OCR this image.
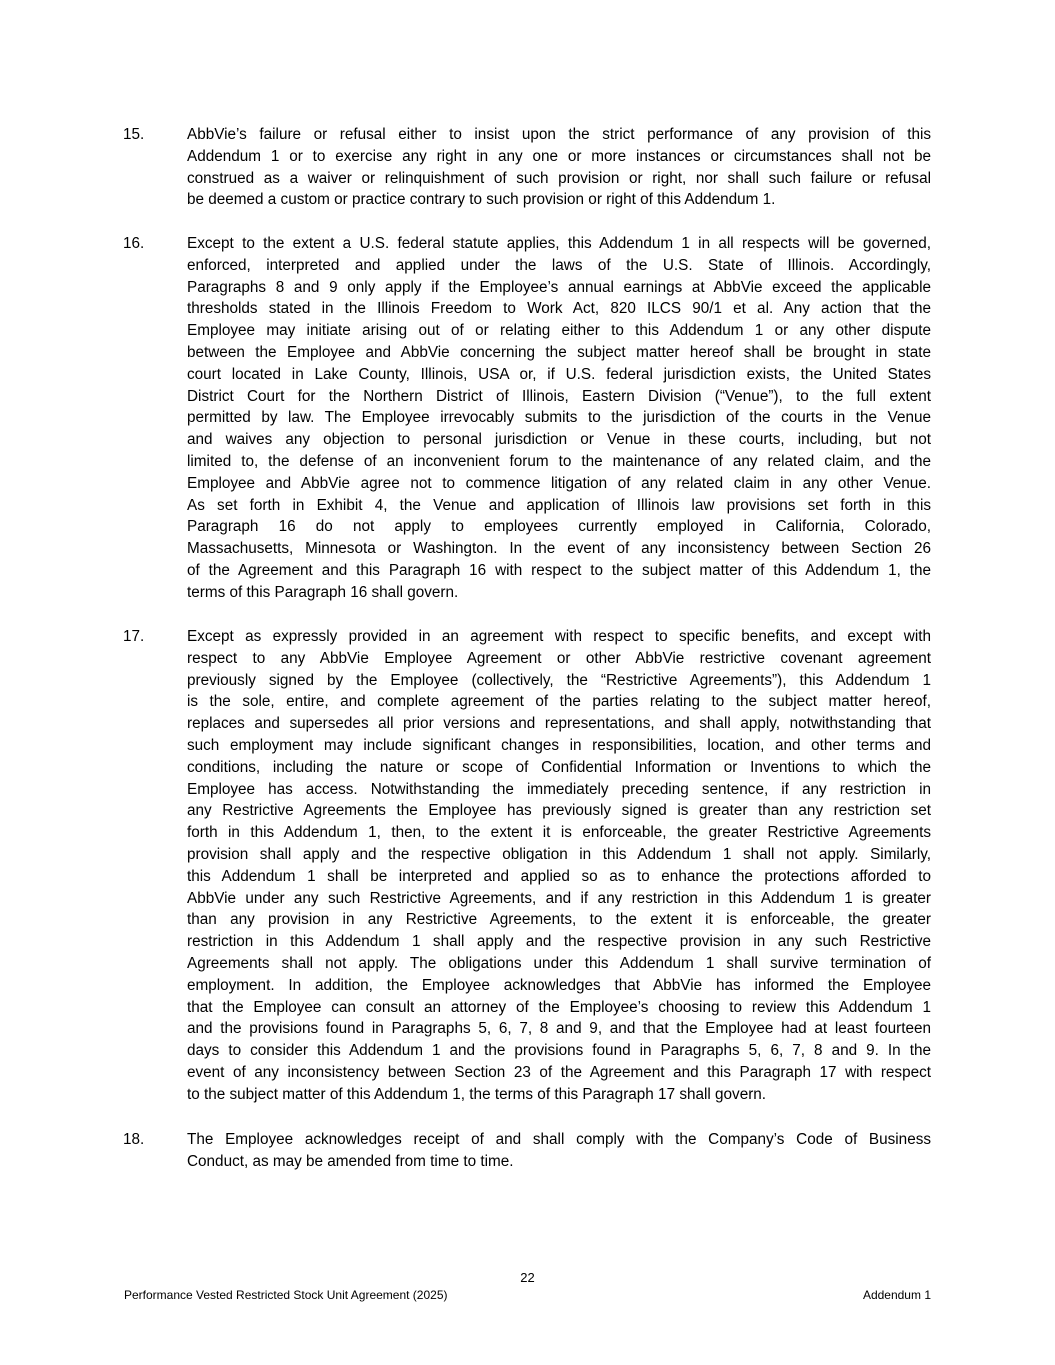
15.	AbbVie’s failure or refusal either to insist upon the strict performance of any provision of this
Addendum 1 or to exercise any right in any one or more instances or circumstances shall not be
construed as a waiver or relinquishment of such provision or right, nor shall such failure or refusal
be deemed a custom or practice contrary to such provision or right of this Addendum 1.
16.	Except to the extent a U.S. federal statute applies, this Addendum 1 in all respects will be governed,
enforced, interpreted and applied under the laws of the U.S. State of Illinois. Accordingly,
Paragraphs 8 and 9 only apply if the Employee’s annual earnings at AbbVie exceed the applicable
thresholds stated in the Illinois Freedom to Work Act, 820 ILCS 90/1 et al. Any action that the
Employee may initiate arising out of or relating either to this Addendum 1 or any other dispute
between the Employee and AbbVie concerning the subject matter hereof shall be brought in state
court located in Lake County, Illinois, USA or, if U.S. federal jurisdiction exists, the United States
District Court for the Northern District of Illinois, Eastern Division (“Venue”), to the full extent
permitted by law. The Employee irrevocably submits to the jurisdiction of the courts in the Venue
and waives any objection to personal jurisdiction or Venue in these courts, including, but not
limited to, the defense of an inconvenient forum to the maintenance of any related claim, and the
Employee and AbbVie agree not to commence litigation of any related claim in any other Venue.
As set forth in Exhibit 4, the Venue and application of Illinois law provisions set forth in this
Paragraph 16 do not apply to employees currently employed in California, Colorado,
Massachusetts, Minnesota or Washington. In the event of any inconsistency between Section 26
of the Agreement and this Paragraph 16 with respect to the subject matter of this Addendum 1, the
terms of this Paragraph 16 shall govern.
17.	Except as expressly provided in an agreement with respect to specific benefits, and except with
respect to any AbbVie Employee Agreement or other AbbVie restrictive covenant agreement
previously signed by the Employee (collectively, the “Restrictive Agreements”), this Addendum 1
is the sole, entire, and complete agreement of the parties relating to the subject matter hereof,
replaces and supersedes all prior versions and representations, and shall apply, notwithstanding that
such employment may include significant changes in responsibilities, location, and other terms and
conditions, including the nature or scope of Confidential Information or Inventions to which the
Employee has access. Notwithstanding the immediately preceding sentence, if any restriction in
any Restrictive Agreements the Employee has previously signed is greater than any restriction set
forth in this Addendum 1, then, to the extent it is enforceable, the greater Restrictive Agreements
provision shall apply and the respective obligation in this Addendum 1 shall not apply. Similarly,
this Addendum 1 shall be interpreted and applied so as to enhance the protections afforded to
AbbVie under any such Restrictive Agreements, and if any restriction in this Addendum 1 is greater
than any provision in any Restrictive Agreements, to the extent it is enforceable, the greater
restriction in this Addendum 1 shall apply and the respective provision in any such Restrictive
Agreements shall not apply. The obligations under this Addendum 1 shall survive termination of
employment. In addition, the Employee acknowledges that AbbVie has informed the Employee
that the Employee can consult an attorney of the Employee’s choosing to review this Addendum 1
and the provisions found in Paragraphs 5, 6, 7, 8 and 9, and that the Employee had at least fourteen
days to consider this Addendum 1 and the provisions found in Paragraphs 5, 6, 7, 8 and 9. In the
event of any inconsistency between Section 23 of the Agreement and this Paragraph 17 with respect
to the subject matter of this Addendum 1, the terms of this Paragraph 17 shall govern.
18.	The Employee acknowledges receipt of and shall comply with the Company’s Code of Business
Conduct, as may be amended from time to time.
22
Performance Vested Restricted Stock Unit Agreement (2025)	Addendum 1
